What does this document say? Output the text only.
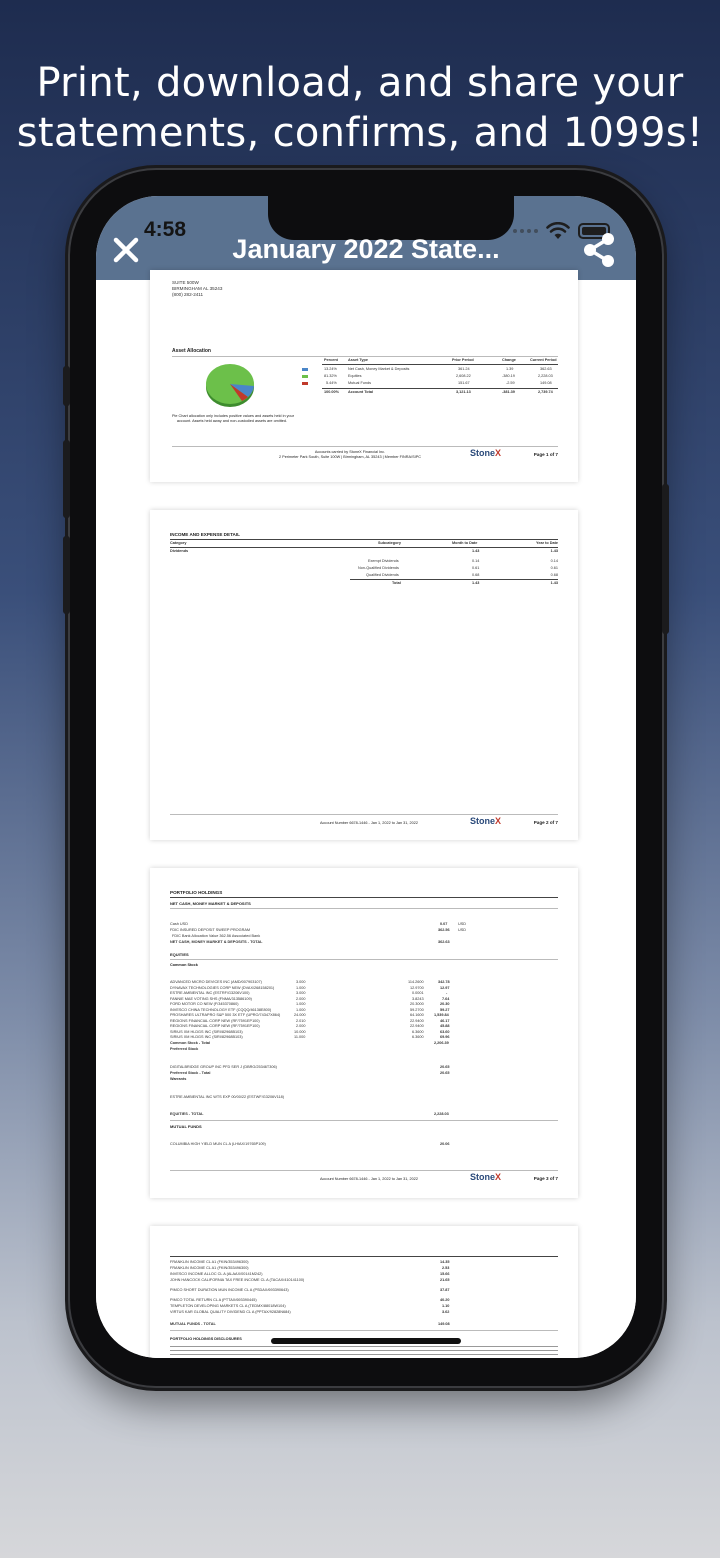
Print, download, and share your
statements, confirms, and 1099s!
4:58
January 2022 State...
SUITE 500W
BIRMINGHAM AL 35243
(800) 282-2411
Asset Allocation
Pie Chart allocation only includes positive values and assets held in your
account. Assets held away and non-custodied assets are omitted.
Percent	Asset Type	Prior Period	Change	Current Period
13.24%	Net Cash, Money Market & Deposits	361.24	1.39	362.63
81.32%	Equities	2,608.22	-380.19	2,228.03
5.44%	Mutual Funds	151.67	-2.59	149.08
100.00% Account Total	3,121.13	-381.39	2,739.74
Accounts carried by StoneX Financial Inc.
2 Perimeter Park South, Suite 100W | Birmingham, AL 35243 | Member FINRA/SIPC	StoneX	Page 1 of 7
INCOME AND EXPENSE DETAIL
Category	Subcategory	Month to Date	Year to Date
Dividends	1.43	1.43
Exempt Dividends	0.14	0.14
Non-Qualified Dividends	0.61	0.61
Qualified Dividends	0.68	0.68
Total	1.43	1.43
Account Number 6678-1446 - Jan 1, 2022 to Jan 31, 2022	StoneX	Page 2 of 7
PORTFOLIO HOLDINGS
NET CASH, MONEY MARKET & DEPOSITS
Cash USD	0.07	USD
FDIC INSURED DEPOSIT SWEEP PROGRAM	362.56 USD
FDIC Bank Allocation Value 362.56 Associated Bank
NET CASH, MONEY MARKET & DEPOSITS - TOTAL	362.63
EQUITIES
Common Stock
ADVANCED MICRO DEVICES INC (AMD/007903107)	3.000	114.2600	342.78
DYNAVAX TECHNOLOGIES CORP NEW (DVAX/268158201)	1.000	12.9700	12.97
ESTRE AMBIENTAL INC (ESTRF/G3206V100)	3.000	0.0001	-
FANNIE MAE VOTING SHS (FNMA/313586109)	2.000	3.8243	7.64
FORD MOTOR CO NEW (F/345370860)	1.000	20.3000	20.30
INVESCO CHINA TECHNOLOGY ETF (CQQQ/46138E800)	1.000	59.2700	59.27
PROSHARES ULTRAPRO S&P 500 3X ETF (UPRO/74347X864)	24.000	64.1600	1,539.84
REGIONS FINANCIAL CORP NEW (RF/7591EP100)	2.010	22.9400	46.17
REGIONS FINANCIAL CORP NEW (RF/7591EP100)	2.000	22.9400	45.88
SIRIUS XM HLDGS INC (SIRI/82968B103)	10.000	6.3600	63.60
SIRIUS XM HLDGS INC (SIRI/82968B103)	11.000	6.3600	69.96
Common Stock - Total	2,206.39
Preferred Stock
DIGITALBRIDGE GROUP INC PFD SER J (DBRG/25346T306)	20.65
Preferred Stock - Total	20.65
Warrants
ESTRE AMBIENTAL INC WTS EXP 00/00/22 (ESTWF/G3206V118)
EQUITIES - TOTAL	2,228.03
MUTUAL FUNDS
COLUMBIA HIGH YIELD MUN CL A (LHIAX/19765P109)	20.06
Account Number 6678-1446 - Jan 1, 2022 to Jan 31, 2022	StoneX	Page 3 of 7
FRANKLIN INCOME CL A1 (FKIN/353496300)	14.35
FRANKLIN INCOME CL A1 (FKIN/353496300)	2.53
INVESCO INCOME ALLOC CL A (ALAAX/00141M242)	15.66
JOHN HANCOCK CALIFORNIA TAX FREE INCOME CL A (TACAX/410141100)	21.65
PIMCO SHORT DURATION MUN INCOME CL A (PSDAX/693390643)	37.87
PIMCO TOTAL RETURN CL A (PTTAX/693390445)	40.20
TEMPLETON DEVELOPING MARKETS CL A (TEDMX/88018W104)	1.10
VIRTUS KAR GLOBAL QUALITY DIVIDEND CL A (PPTAX/92828N684)	3.62
MUTUAL FUNDS - TOTAL	149.08
PORTFOLIO HOLDINGS DISCLOSURES
